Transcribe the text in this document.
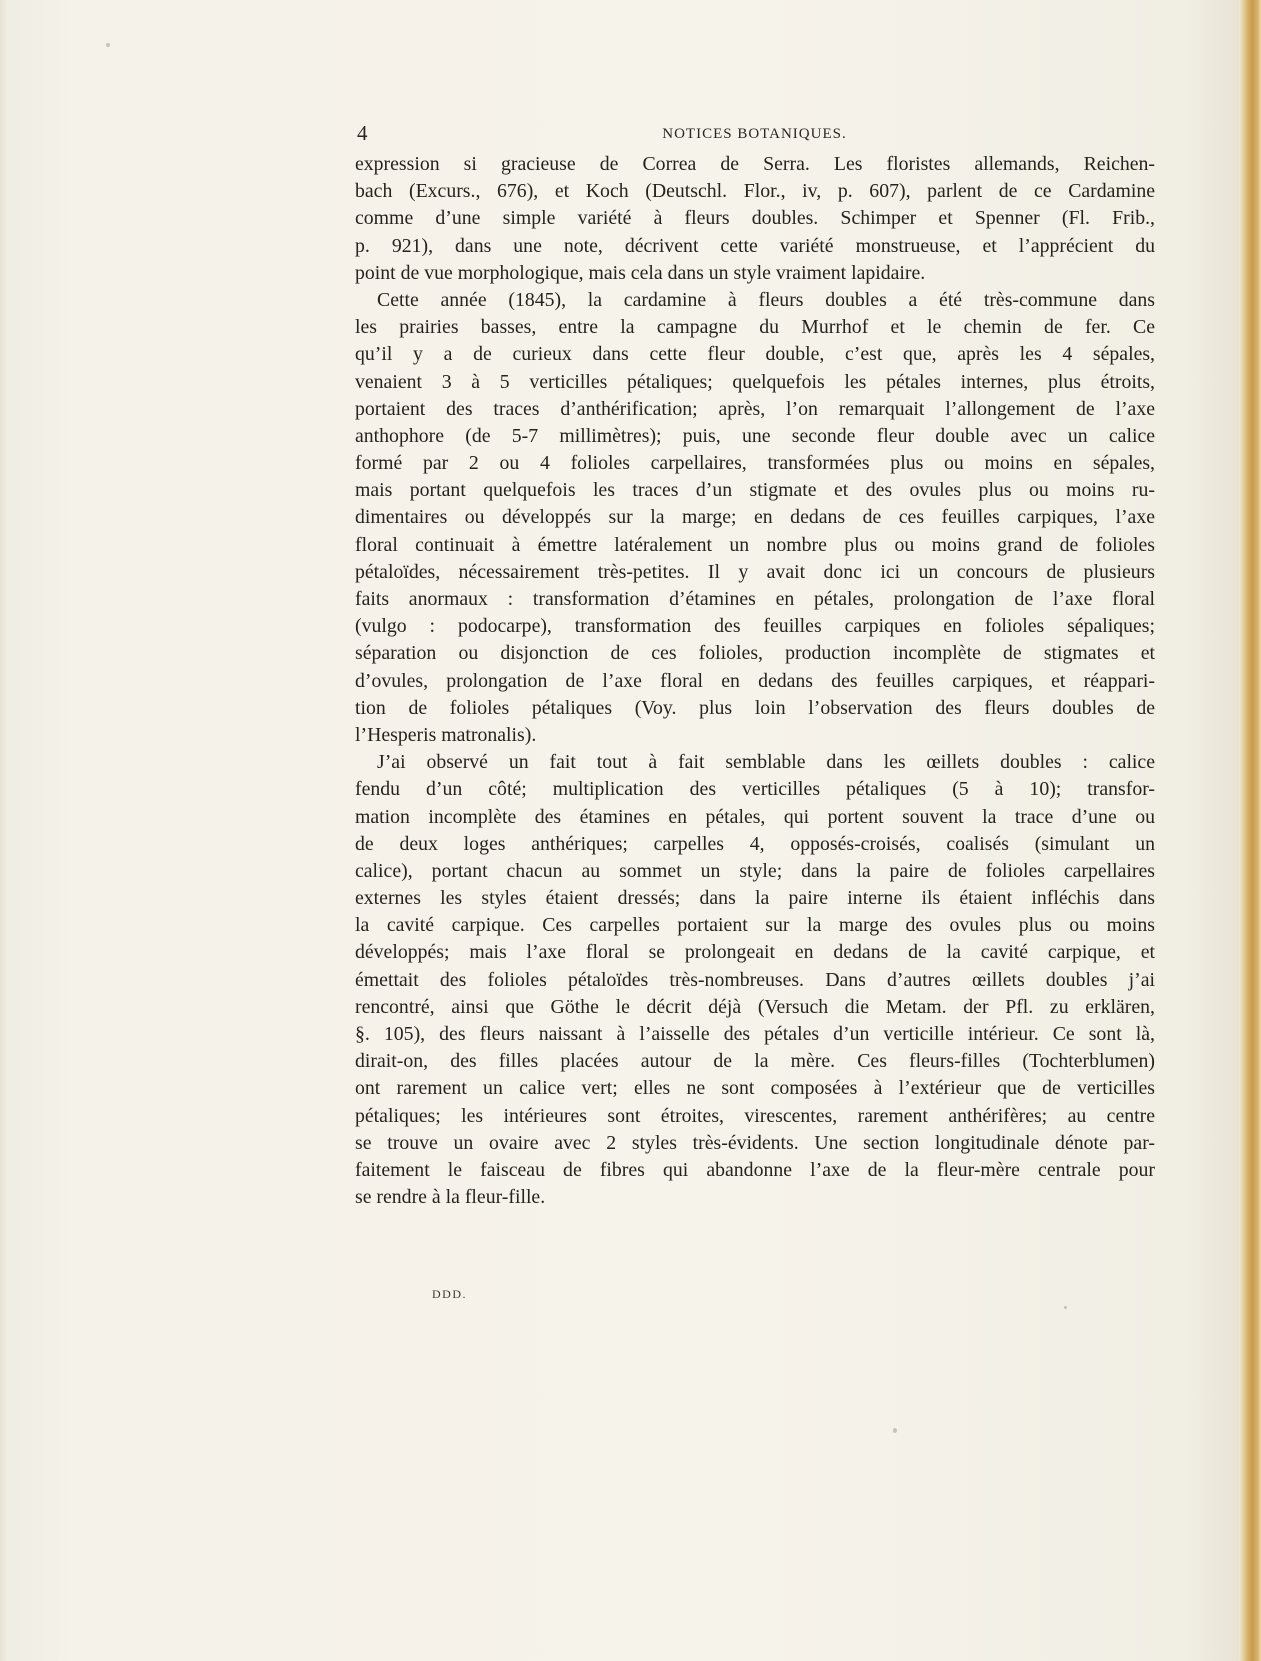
4	NOTICES BOTANIQUES.
expression si gracieuse de Correa de Serra. Les floristes allemands, Reichen-
bach (Excurs., 676), et Koch (Deutschl. Flor., iv, p. 607), parlent de ce Cardamine
comme d’une simple variété à fleurs doubles. Schimper et Spenner (Fl. Frib.,
p. 921), dans une note, décrivent cette variété monstrueuse, et l’apprécient du
point de vue morphologique, mais cela dans un style vraiment lapidaire.
Cette année (1845), la cardamine à fleurs doubles a été très-commune dans
les prairies basses, entre la campagne du Murrhof et le chemin de fer. Ce
qu’il y a de curieux dans cette fleur double, c’est que, après les 4 sépales,
venaient 3 à 5 verticilles pétaliques; quelquefois les pétales internes, plus étroits,
portaient des traces d’anthérification; après, l’on remarquait l’allongement de l’axe
anthophore (de 5-7 millimètres); puis, une seconde fleur double avec un calice
formé par 2 ou 4 folioles carpellaires, transformées plus ou moins en sépales,
mais portant quelquefois les traces d’un stigmate et des ovules plus ou moins ru-
dimentaires ou développés sur la marge; en dedans de ces feuilles carpiques, l’axe
floral continuait à émettre latéralement un nombre plus ou moins grand de folioles
pétaloïdes, nécessairement très-petites. Il y avait donc ici un concours de plusieurs
faits anormaux : transformation d’étamines en pétales, prolongation de l’axe floral
(vulgo : podocarpe), transformation des feuilles carpiques en folioles sépaliques;
séparation ou disjonction de ces folioles, production incomplète de stigmates et
d’ovules, prolongation de l’axe floral en dedans des feuilles carpiques, et réappari-
tion de folioles pétaliques (Voy. plus loin l’observation des fleurs doubles de
l’Hesperis matronalis).
J’ai observé un fait tout à fait semblable dans les œillets doubles : calice
fendu d’un côté; multiplication des verticilles pétaliques (5 à 10); transfor-
mation incomplète des étamines en pétales, qui portent souvent la trace d’une ou
de deux loges anthériques; carpelles 4, opposés-croisés, coalisés (simulant un
calice), portant chacun au sommet un style; dans la paire de folioles carpellaires
externes les styles étaient dressés; dans la paire interne ils étaient infléchis dans
la cavité carpique. Ces carpelles portaient sur la marge des ovules plus ou moins
développés; mais l’axe floral se prolongeait en dedans de la cavité carpique, et
émettait des folioles pétaloïdes très-nombreuses. Dans d’autres œillets doubles j’ai
rencontré, ainsi que Göthe le décrit déjà (Versuch die Metam. der Pfl. zu erklären,
§. 105), des fleurs naissant à l’aisselle des pétales d’un verticille intérieur. Ce sont là,
dirait-on, des filles placées autour de la mère. Ces fleurs-filles (Tochterblumen)
ont rarement un calice vert; elles ne sont composées à l’extérieur que de verticilles
pétaliques; les intérieures sont étroites, virescentes, rarement anthérifères; au centre
se trouve un ovaire avec 2 styles très-évidents. Une section longitudinale dénote par-
faitement le faisceau de fibres qui abandonne l’axe de la fleur-mère centrale pour
se rendre à la fleur-fille.
DDD.
